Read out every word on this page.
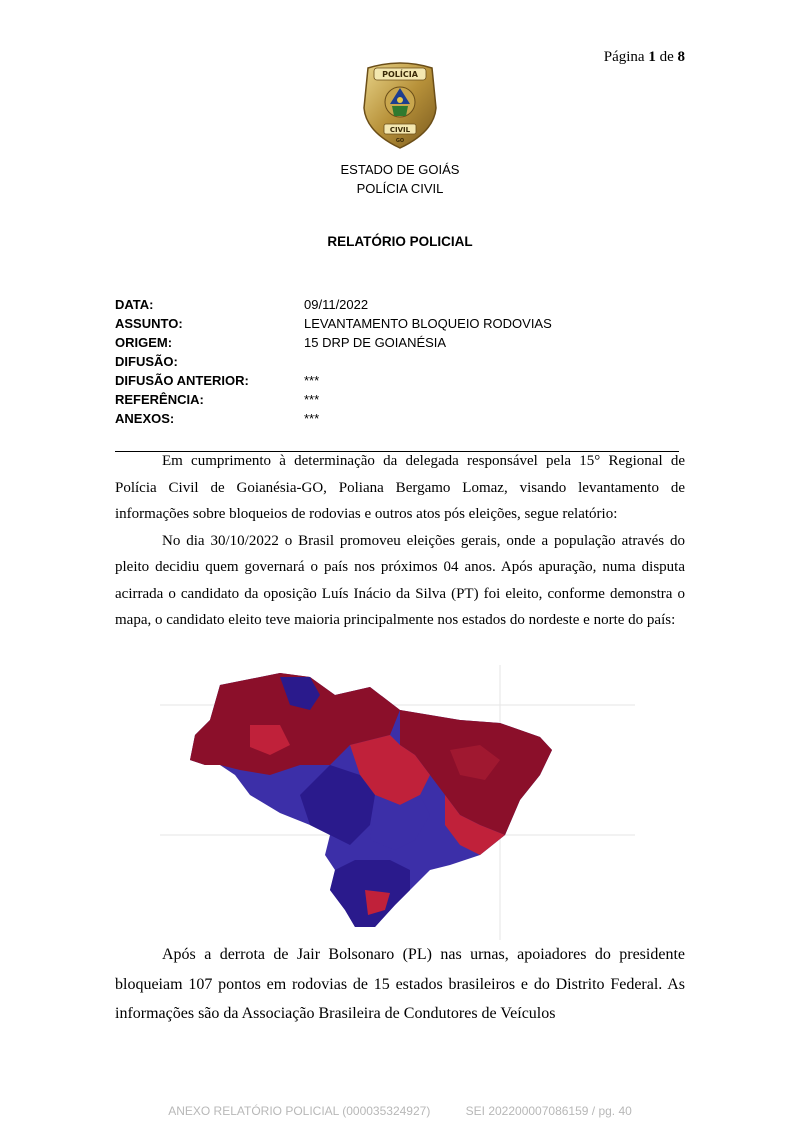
Página 1 de 8
POLÍCIA
CIVIL
GO
ESTADO DE GOIÁS
POLÍCIA CIVIL
RELATÓRIO POLICIAL
DATA:	09/11/2022
ASSUNTO:	LEVANTAMENTO BLOQUEIO RODOVIAS
ORIGEM:	15 DRP DE GOIANÉSIA
DIFUSÃO:
DIFUSÃO ANTERIOR:	***
REFERÊNCIA:	***
ANEXOS:	***

Em cumprimento à determinação da delegada responsável pela 15° Regional de Polícia Civil de Goianésia-GO, Poliana Bergamo Lomaz, visando levantamento de informações sobre bloqueios de rodovias e outros atos pós eleições, segue relatório:

No dia 30/10/2022 o Brasil promoveu eleições gerais, onde a população através do pleito decidiu quem governará o país nos próximos 04 anos. Após apuração, numa disputa acirrada o candidato da oposição Luís Inácio da Silva (PT) foi eleito, conforme demonstra o mapa, o candidato eleito teve maioria principalmente nos estados do nordeste e norte do país:

Após a derrota de Jair Bolsonaro (PL) nas urnas, apoiadores do presidente bloqueiam 107 pontos em rodovias de 15 estados brasileiros e do Distrito Federal. As informações são da Associação Brasileira de Condutores de Veículos

ANEXO RELATÓRIO POLICIAL (000035324927)	SEI 202200007086159 / pg. 40
